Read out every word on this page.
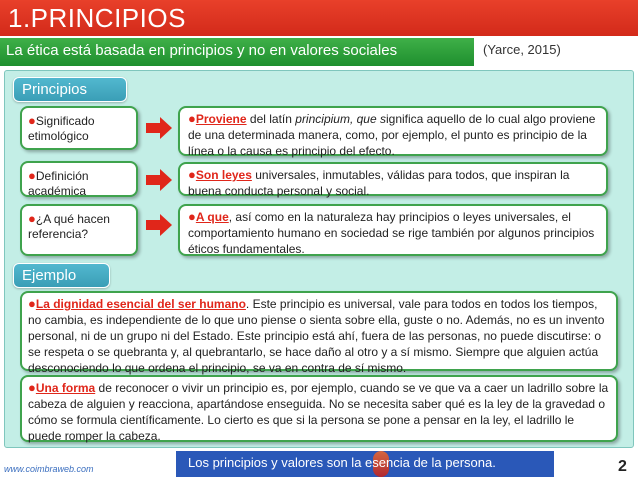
1.PRINCIPIOS
La ética está basada en principios y no en valores sociales	(Yarce, 2015)
Principios
●Significado etimológico
●Proviene del latín principium, que significa aquello de lo cual algo proviene de una determinada manera, como, por ejemplo, el punto es principio de la línea o la causa es principio del efecto.
●Definición académica
●Son leyes universales, inmutables, válidas para todos, que inspiran la buena conducta personal y social.
●¿A qué hacen referencia?
●A que, así como en la naturaleza hay principios o leyes universales, el comportamiento humano en sociedad se rige también por algunos principios éticos fundamentales.
Ejemplo
●La dignidad esencial del ser humano. Este principio es universal, vale para todos en todos los tiempos, no cambia, es independiente de lo que uno piense o sienta sobre ella, guste o no. Además, no es un invento personal, ni de un grupo ni del Estado. Este principio está ahí, fuera de las personas, no puede discutirse: o se respeta o se quebranta y, al quebrantarlo, se hace daño al otro y a sí mismo. Siempre que alguien actúa desconociendo lo que ordena el principio, se va en contra de sí mismo.
●Una forma de reconocer o vivir un principio es, por ejemplo, cuando se ve que va a caer un ladrillo sobre la cabeza de alguien y reacciona, apartándose enseguida. No se necesita saber qué es la ley de la gravedad o cómo se formula científicamente. Lo cierto es que si la persona se pone a pensar en la ley, el ladrillo le puede romper la cabeza.
Los principios y valores son la esencia de la persona.
www.coimbraweb.com	2
